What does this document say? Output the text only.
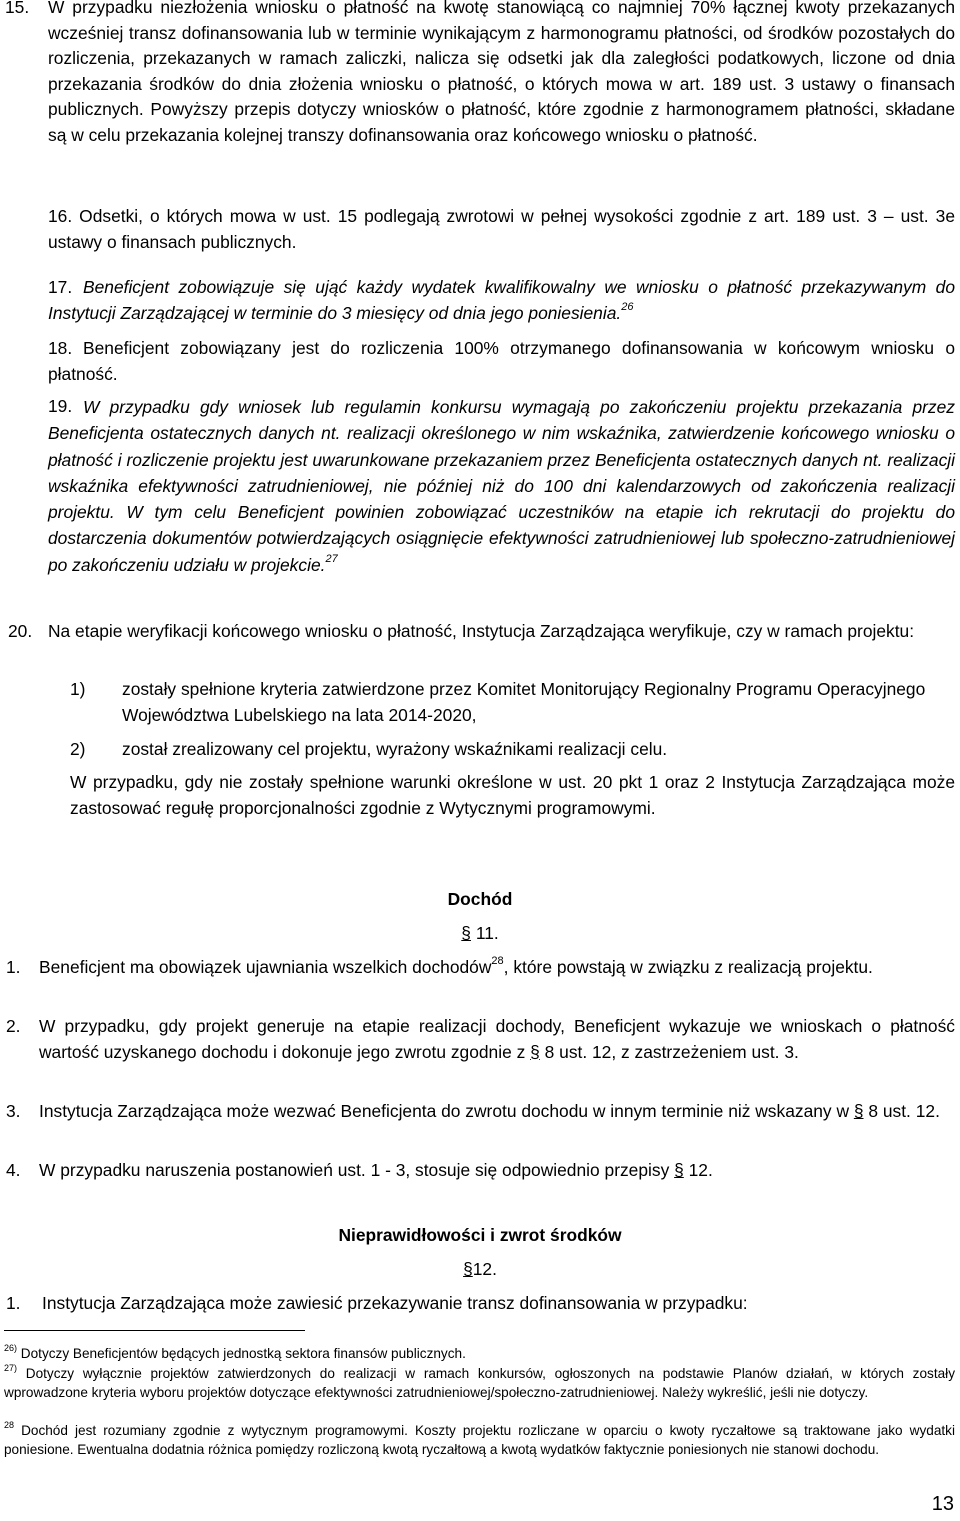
15. W przypadku niezłożenia wniosku o płatność na kwotę stanowiącą co najmniej 70% łącznej kwoty przekazanych wcześniej transz dofinansowania lub w terminie wynikającym z harmonogramu płatności, od środków pozostałych do rozliczenia, przekazanych w ramach zaliczki, nalicza się odsetki jak dla zaległości podatkowych, liczone od dnia przekazania środków do dnia złożenia wniosku o płatność, o których mowa w art. 189 ust. 3 ustawy o finansach publicznych. Powyższy przepis dotyczy wniosków o płatność, które zgodnie z harmonogramem płatności, składane są w celu przekazania kolejnej transzy dofinansowania oraz końcowego wniosku o płatność.
16. Odsetki, o których mowa w ust. 15 podlegają zwrotowi w pełnej wysokości zgodnie z art. 189 ust. 3 – ust. 3e ustawy o finansach publicznych.
17. Beneficjent zobowiązuje się ująć każdy wydatek kwalifikowalny we wniosku o płatność przekazywanym do Instytucji Zarządzającej w terminie do 3 miesięcy od dnia jego poniesienia.$^{26}$
18. Beneficjent zobowiązany jest do rozliczenia 100% otrzymanego dofinansowania w końcowym wniosku o płatność.
19. W przypadku gdy wniosek lub regulamin konkursu wymagają po zakończeniu projektu przekazania przez Beneficjenta ostatecznych danych nt. realizacji określonego w nim wskaźnika, zatwierdzenie końcowego wniosku o płatność i rozliczenie projektu jest uwarunkowane przekazaniem przez Beneficjenta ostatecznych danych nt. realizacji wskaźnika efektywności zatrudnieniowej, nie później niż do 100 dni kalendarzowych od zakończenia realizacji projektu. W tym celu Beneficjent powinien zobowiązać uczestników na etapie ich rekrutacji do projektu do dostarczenia dokumentów potwierdzających osiągnięcie efektywności zatrudnieniowej lub społeczno-zatrudnieniowej po zakończeniu udziału w projekcie.$^{27}$
20. Na etapie weryfikacji końcowego wniosku o płatność, Instytucja Zarządzająca weryfikuje, czy w ramach projektu:
1) zostały spełnione kryteria zatwierdzone przez Komitet Monitorujący Regionalny Programu Operacyjnego Województwa Lubelskiego na lata 2014-2020,
2) został zrealizowany cel projektu, wyrażony wskaźnikami realizacji celu.
W przypadku, gdy nie zostały spełnione warunki określone w ust. 20 pkt 1 oraz 2 Instytucja Zarządzająca może zastosować regułę proporcjonalności zgodnie z Wytycznymi programowymi.
Dochód
§ 11.
1. Beneficjent ma obowiązek ujawniania wszelkich dochodów$^{28}$, które powstają w związku z realizacją projektu.
2. W przypadku, gdy projekt generuje na etapie realizacji dochody, Beneficjent wykazuje we wnioskach o płatność wartość uzyskanego dochodu i dokonuje jego zwrotu zgodnie z § 8 ust. 12, z zastrzeżeniem ust. 3.
3. Instytucja Zarządzająca może wezwać Beneficjenta do zwrotu dochodu w innym terminie niż wskazany w § 8 ust. 12.
4. W przypadku naruszenia postanowień ust. 1 - 3, stosuje się odpowiednio przepisy § 12.
Nieprawidłowości i zwrot środków
§12.
1. Instytucja Zarządzająca może zawiesić przekazywanie transz dofinansowania w przypadku:
$^{26)}$ Dotyczy Beneficjentów będących jednostką sektora finansów publicznych.
$^{27)}$ Dotyczy wyłącznie projektów zatwierdzonych do realizacji w ramach konkursów, ogłoszonych na podstawie Planów działań, w których zostały wprowadzone kryteria wyboru projektów dotyczące efektywności zatrudnieniowej/społeczno-zatrudnieniowej. Należy wykreślić, jeśli nie dotyczy.
$^{28}$ Dochód jest rozumiany zgodnie z wytycznym programowymi. Koszty projektu rozliczane w oparciu o kwoty ryczałtowe są traktowane jako wydatki poniesione. Ewentualna dodatnia różnica pomiędzy rozliczoną kwotą ryczałtową a kwotą wydatków faktycznie poniesionych nie stanowi dochodu.
13
